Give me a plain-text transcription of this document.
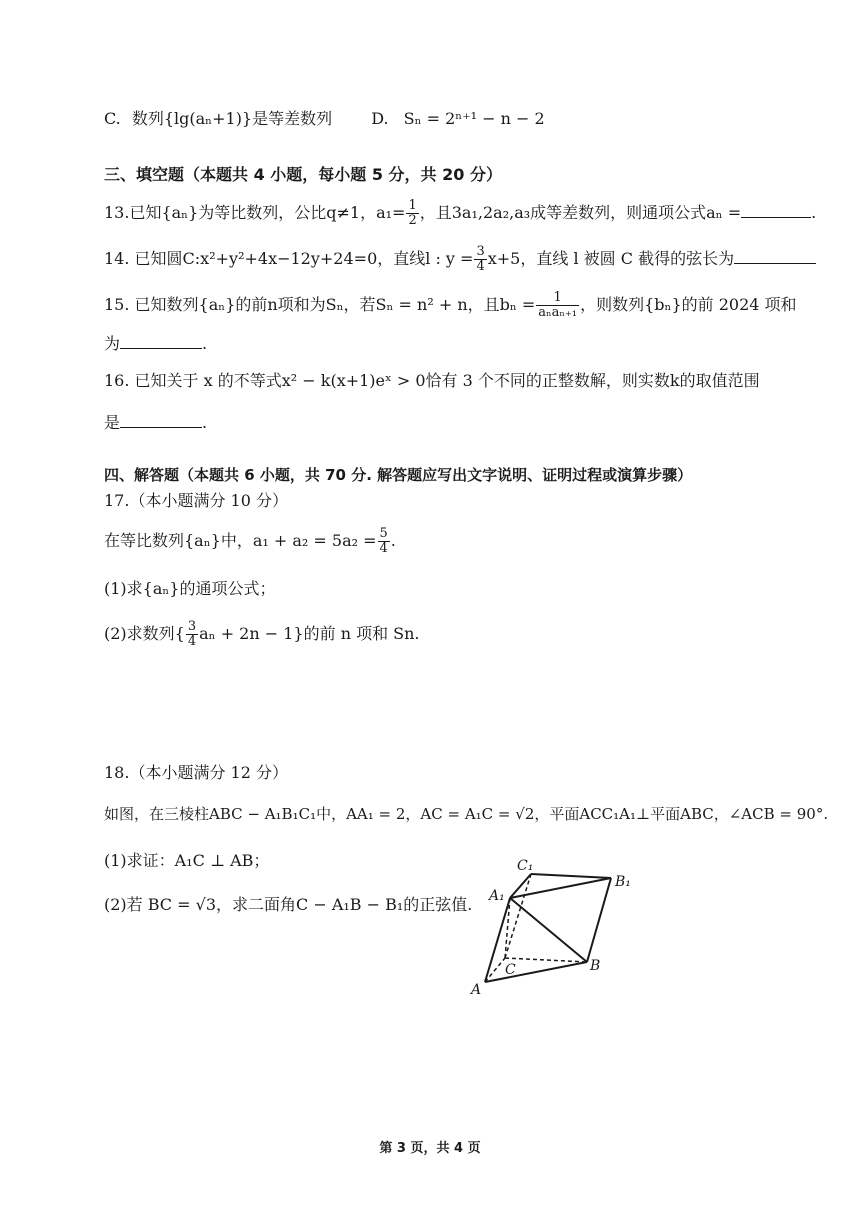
C. 数列{lg(aₙ+1)}是等差数列 D. Sₙ = 2ⁿ⁺¹ − n − 2
三、填空题（本题共 4 小题，每小题 5 分，共 20 分）
13.已知{aₙ}为等比数列，公比q≠1，$a_1= \frac{1}{2}$ ，且3a₁,2a₂,a₃成等差数列，则通项公式aₙ =	.
14. 已知圆C:x²+y²+4x−12y+24=0，直线l : $y = \frac{3}{4} x+5$，直线 l 被圆 C 截得的弦长为
15. 已知数列{aₙ}的前n项和为Sₙ，若Sₙ = n² + n，且$b_n = \frac{1}{\text{aₙaₙ₊₁}}$ ，则数列{bₙ}的前 2024 项和
为	.
16. 已知关于 x 的不等式x² − k(x+1)eˣ > 0恰有 3 个不同的正整数解，则实数k的取值范围
是	.
四、解答题（本题共 6 小题，共 70 分. 解答题应写出文字说明、证明过程或演算步骤）
17.（本小题满分 10 分）
在等比数列{aₙ}中，$a_1 + a_2 = 5a_2 = \frac{5}{4}$ .
(1)求{aₙ}的通项公式；
(2)求数列{ $\frac{3}{4}$ aₙ + 2n − 1}的前 n 项和 Sn.
18.（本小题满分 12 分）
如图，在三棱柱ABC − A₁B₁C₁中，AA₁ = 2，AC = A₁C = √2，平面ACC₁A₁⊥平面ABC，∠ACB = 90°.
(1)求证：A₁C ⊥ AB；
(2)若 BC = √3，求二面角C − A₁B − B₁的正弦值.
C₁
B₁
A₁
C	B
A
第 3 页，共 4 页
